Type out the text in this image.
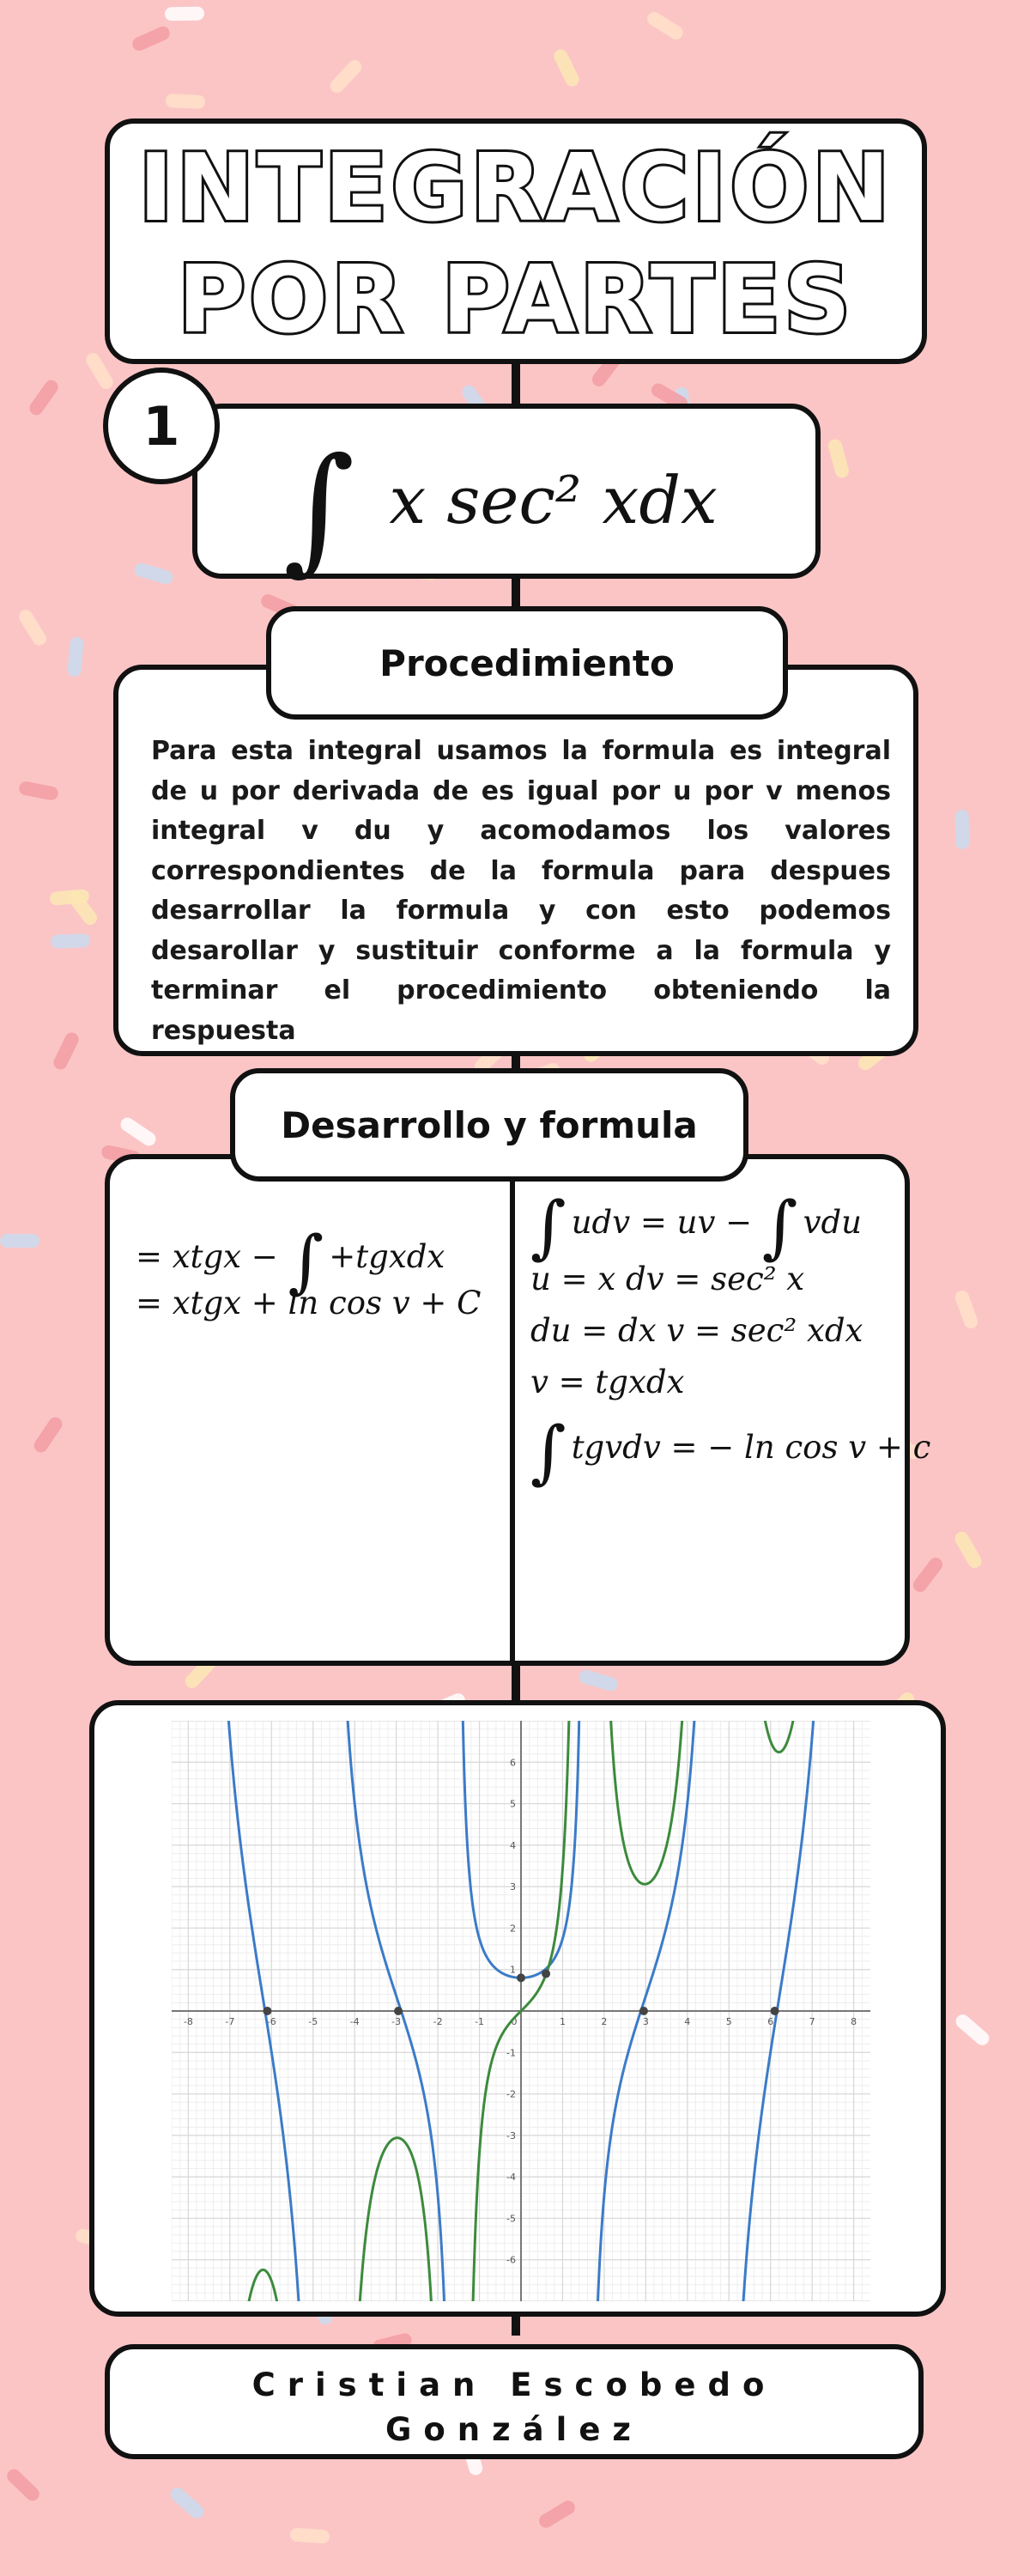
INTEGRACIÓN
POR PARTES
1
∫ x sec² xdx
Para esta integral usamos la formula es integral de u por derivada de es igual por u por v menos integral v du y acomodamos los valores correspondientes de la formula para despues desarrollar la formula y con esto podemos desarollar y sustituir conforme a la formula y terminar el procedimiento obteniendo la respuesta
Procedimiento
= xtgx − ∫ +tgxdx
= xtgx + ln cos v + C
∫ udv = uv − ∫ vdu
u = x dv = sec² x
du = dx v = sec² xdx
v = tgxdx
∫ tgvdv = − ln cos v + c
Desarrollo y formula
-8	-7	-6	-5	-4	-3	-2	-1	0	1	2	3	4	5	6	7	8
6
5
4
3
2
1
-1
-2
-3
-4
-5
-6
Cristian Escobedo
González
